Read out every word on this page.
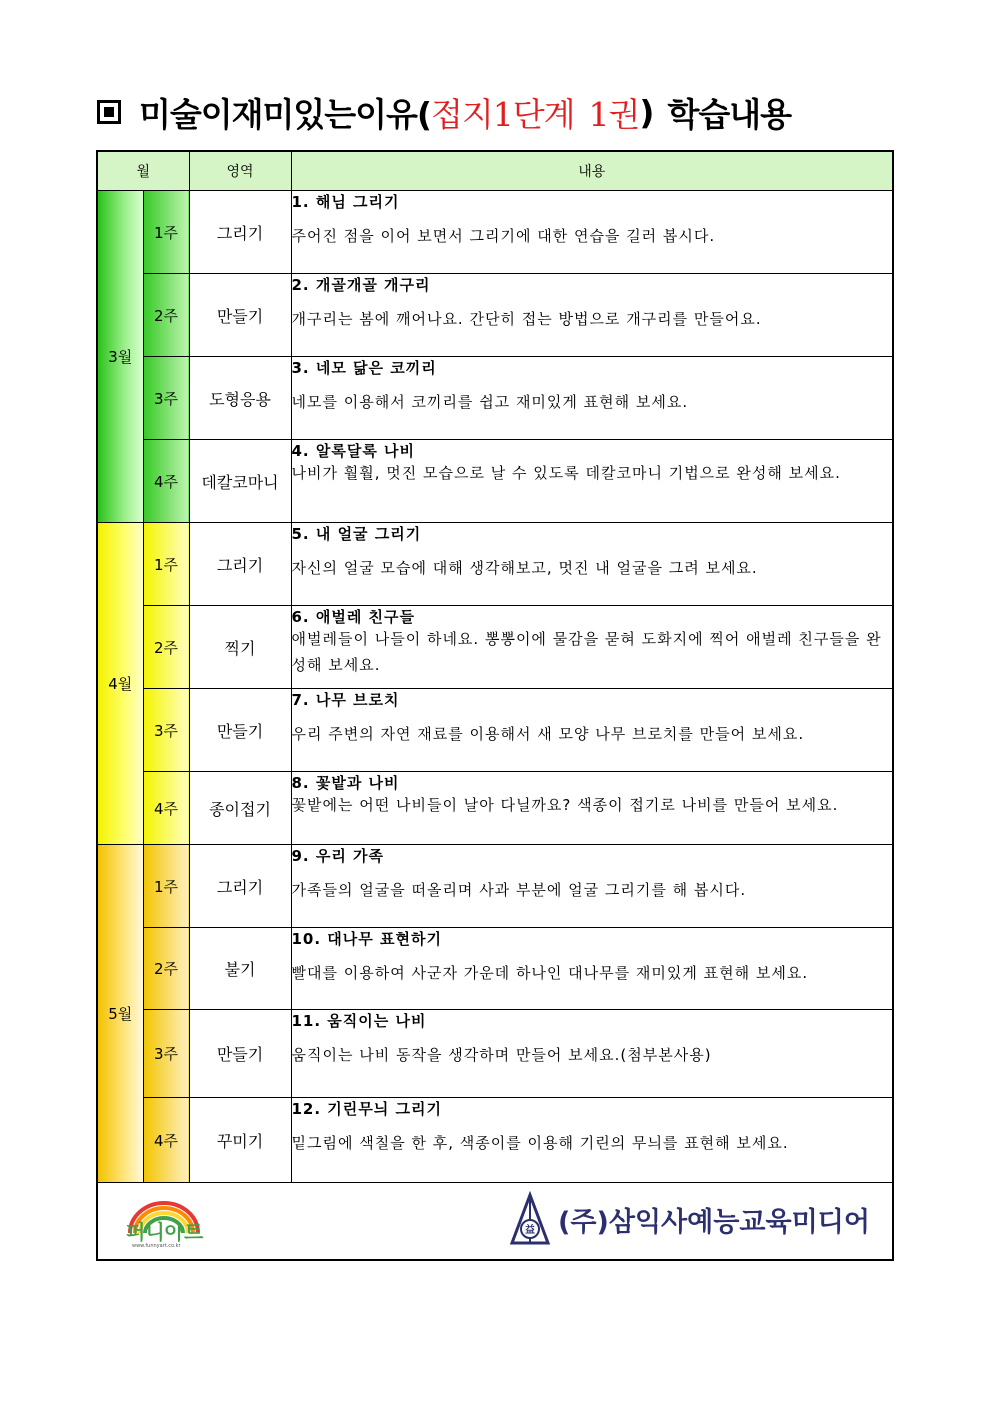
미술이재미있는이유( 접지1단계 1권 ) 학습내용
월		영역	내용
3월	1주	그리기	1. 해님 그리기
주어진 점을 이어 보면서 그리기에 대한 연습을 길러 봅시다.

	2주	만들기	2. 개골개골 개구리
개구리는 봄에 깨어나요. 간단히 접는 방법으로 개구리를 만들어요.

	3주	도형응용	3. 네모 닮은 코끼리
네모를 이용해서 코끼리를 쉽고 재미있게 표현해 보세요.

	4주	데칼코마니	4. 알록달록 나비
나비가 훨훨, 멋진 모습으로 날 수 있도록 데칼코마니 기법으로 완성해 보세요.

4월	1주	그리기	5. 내 얼굴 그리기
자신의 얼굴 모습에 대해 생각해보고, 멋진 내 얼굴을 그려 보세요.

	2주	찍기	6. 애벌레 친구들
애벌레들이 나들이 하네요. 뽕뽕이에 물감을 묻혀 도화지에 찍어 애벌레 친구들을 완성해 보세요.

	3주	만들기	7. 나무 브로치
우리 주변의 자연 재료를 이용해서 새 모양 나무 브로치를 만들어 보세요.

	4주	종이접기	8. 꽃밭과 나비
꽃밭에는 어떤 나비들이 날아 다닐까요? 색종이 접기로 나비를 만들어 보세요.

5월	1주	그리기	9. 우리 가족
가족들의 얼굴을 떠올리며 사과 부분에 얼굴 그리기를 해 봅시다.

	2주	불기	10. 대나무 표현하기
빨대를 이용하여 사군자 가운데 하나인 대나무를 재미있게 표현해 보세요.

	3주	만들기	11. 움직이는 나비
움직이는 나비 동작을 생각하며 만들어 보세요.(첨부본사용)

	4주	꾸미기	12. 기린무늬 그리기
밑그림에 색칠을 한 후, 색종이를 이용해 기린의 무늬를 표현해 보세요.

퍼니아트
www.funnyart.co.kr
益 (주)삼익사예능교육미디어			
